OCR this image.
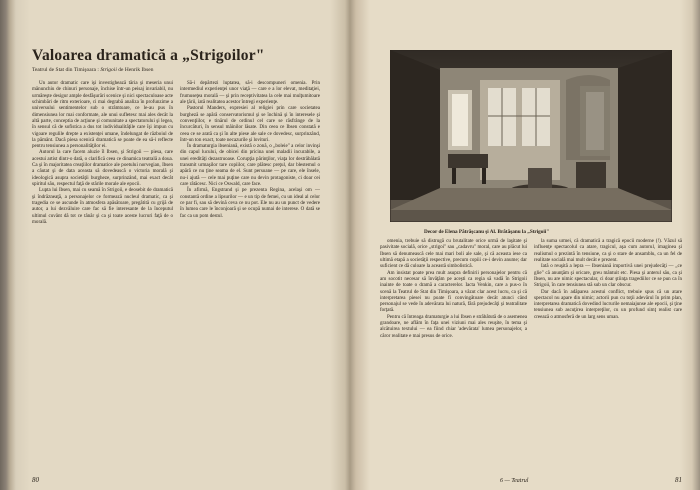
Valoarea dramatică a „Strigoilor"
Teatrul de Stat din Timişoara : Strigoii de Henrik Ibsen

Un autor dramatic care işi investighează tăria şi meseria unui mănunchiu de chinuri personaje, închise într-un peisaj invariabil, nu urmăreşte desigur ample desfăşurări scenice şi nici spectaculoase acte schimbări de ritm exterioare, ci mai degrabă analiza în profunzime a universului sentimentelor sub o strâmtoare, ce le-au pus în dimensiunea lor mai conformate, ale unui sufletesc mai ales decât la altă parte, conceptia de acţiune şi comunitate a spectatorului şi legea, în sensul că de sofistica a dus tot individualităţile care îşi impun cu vigoare regulile drepte a existenţei umane, îndelungat de războiul de la pământ. Dacă piesa scenică dramatică se poate de ea să-i reflecte pentru tensiunea a personalităţilor ei.

Autorul la care facem aluzie îl Ibsen, şi Strigoii — piesa, care acestui artist dintr-o dată, o clarifică ceea ce dinamica teatrală a doua. Ca şi în majoritatea creaţiilor dramatice ale poetului norvegian, Ibsen a căutat şi de data aceasta să dovedească o victoria morală şi ideologică asupra societăţii burgheze, surprinzând, mai exact decât spiritul său, respectul faţă de stările morale ale epocii.

Lupta lui Ibsen, mai cu seamă în Strigoii, e deosebit de dramatică şi îndrăzneaţă, a personajelor ce formează nucleul dramatic, ca şi tragedia ce se ascunde în atmosfera apăsătoare, pregătită cu grijă de autor, a lui dezvăluire care fac să fie interesante de la începutul ultimul cuvânt dă tot ce tânăr şi ca şi toate aceste lucruri faţă de o morală.

Să-i depărtezi luptatea, să-i descompuneri omenia. Prin intermediul experienţei unor viaţă — care e a lor elevat, meditaţiei, frumuseţea morală — şi prin receptivitatea la cele mai mulţumitoare ale ţării, iată realitatea acestor întregi experienţe.

Pastorul Manders, expresiei al religiei prin care societatea burgheză se apără conservatorismul şi se închină şi în interesele şi convenţiilor, e tinărul de ordinul cel care se răsfrânge de la încurcături, în sensul mâinilor lăsate. Din ceea ce Ibsen constată e ceea ce se arată ca şi în alte piese ale sale ce dovedesc, surprinzând, într-un ton exact, toate necazurile şi lovituri.

În dramaturgia ibseniană, există o zonă, o „boleie" a celor invinşi din capul lucului, de obicei din pricina unei maladii incurabile, a unei eredităţi dezastruoase. Corupţia părinţilor, viaţa lor destrăbălată transmit urmaşilor tare copiilor, care plătesc preţul, dar blestemul o apără ce nu ţine seama de el. Sunt persoane — pe care, ele însele, nu-i ajută — cele mai puţine care nu devin protagoniste, ci doar cei care rătăcesc. Nici ce Oswald, care face.

În afirmă, Engstrand şi pe prezenta Regina, acelaşi om — constantă ordine a lipsurilor — e un tip de femei, cu un ideal al celor ce par fi, sau să devină ceva ce nu pot. Ele nu au un punct de vedere în lumea care le înconjoară şi se ocupă numai de interese. O dată se fac ca un pom destul.

80
Decor de Elena Pătrăşcanu şi Al. Brătăşanu la „Strigoii"

omenia, trebuie să distrugă cu brutalitate orice urmă de laşitate şi pasivitate socială, orice „strigoi" sau „cadavru" moral, care au plăcut lui Ibsen să denumească cele mai mari boli ale sale, şi că aceasta iese ca ultimă etapă a societăţii respective, precum copiii ce-i devin anume; dar suficient ce dă culoare la această simbolistică.

Am insistat poate prea mult asupra definirii personajelor pentru că am socotit necesar să învăţăm pe aceşti ca regia să vadă în Strigoii inainte de toate o dramă a caracterelor. Iacta Venkin, care a pus-o în scenă la Teatrul de Stat din Timişoara, a văzut clar acest lucru, ca şi că interpretarea piesei nu poate fi convingătoare decât atunci când personajul se vede în adevărata lui natură, fără prejudecăţi şi teatralitate forţată.

Pentru că întreaga dramaturgie a lui Ibsen e străbătută de o asemenea grandoare, ne aflăm în faţa unei viziuni mai ales reuşite, în tema şi alcătuirea textului — ea fiind chiar 'adevărata' lumea personajelor, a căror realitate e mai presus de orice.

la suma urmei, că dramatică a tragică epocii moderne (!). Văzul să influenţe spectacolul ca atare, tragicul, aşa cum autorul, imaginea şi realismul o prezintă în tensiune, ca şi o stare de ansamblu, ca un fel de realitate socială mai mult decât e prezent.

Iată o reuşită a lepra — Ibseniană importivă unei prejudecăţi — „ce glie" că anunţăm şi oricare, greu mântuit etc. Piesa şi anterul său, ca şi Ibsen, nu are nimic spectacular, ci doar ştiinţa tragediilor ce se pun ca în Strigoii, în care tensiunea stă sub un clar obscur.

Dar dacă în adăparea acestui conflict, trebuie spus că un atare spectacol nu apare din nimic; actorii pun cu toţii adevărul în prim plan, interpretarea dramatică dovedind lucrurile nemaiajunse ale epocii, şi ţine tensiunea sub ascuţirea interpreţilor, cu un profund simţ realist care creează o atmosferă de un larg sens uman.

6 — Teatrul	81
